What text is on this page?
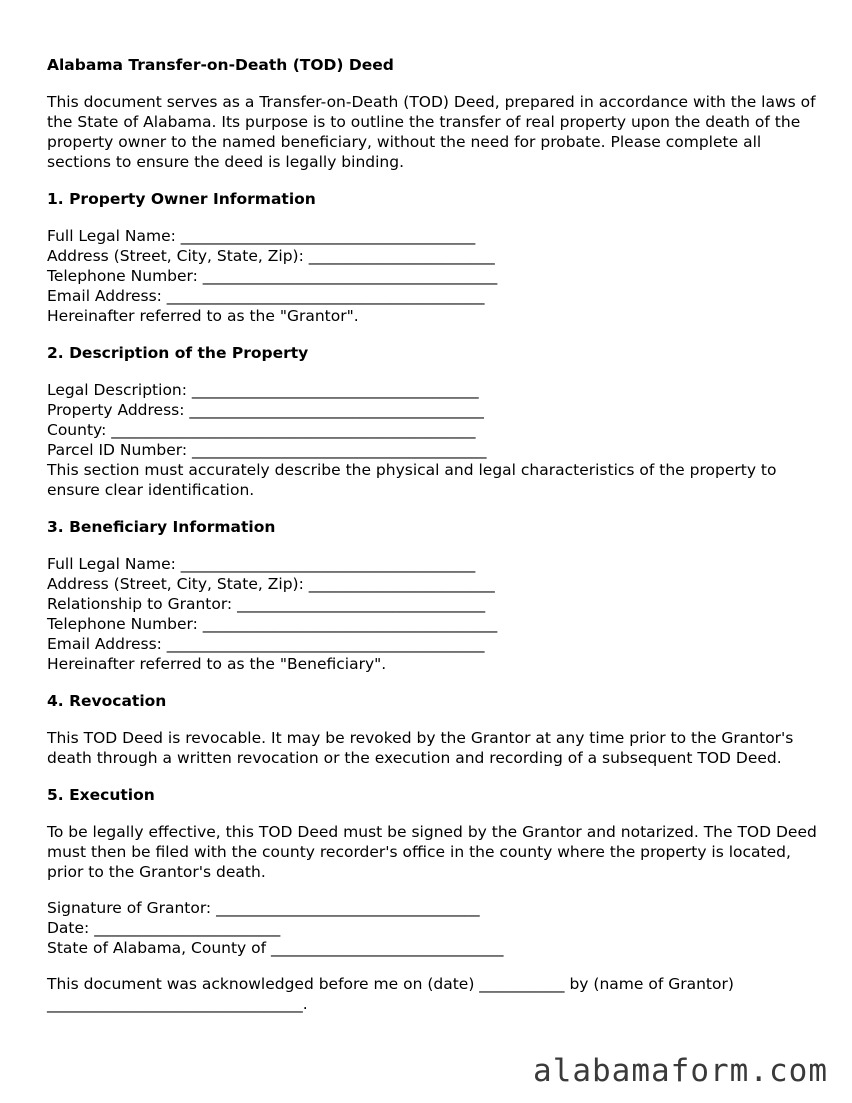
Alabama Transfer-on-Death (TOD) Deed

This document serves as a Transfer-on-Death (TOD) Deed, prepared in accordance with the laws of the State of Alabama. Its purpose is to outline the transfer of real property upon the death of the property owner to the named beneficiary, without the need for probate. Please complete all sections to ensure the deed is legally binding.

1. Property Owner Information
Full Legal Name: ______________________________________
Address (Street, City, State, Zip): ________________________
Telephone Number: ______________________________________
Email Address: _________________________________________
Hereinafter referred to as the "Grantor".
2. Description of the Property
Legal Description: _____________________________________
Property Address: ______________________________________
County: _______________________________________________
Parcel ID Number: ______________________________________

This section must accurately describe the physical and legal characteristics of the property to ensure clear identification.

3. Beneficiary Information
Full Legal Name: ______________________________________
Address (Street, City, State, Zip): ________________________
Relationship to Grantor: ________________________________
Telephone Number: ______________________________________
Email Address: _________________________________________
Hereinafter referred to as the "Beneficiary".
4. Revocation

This TOD Deed is revocable. It may be revoked by the Grantor at any time prior to the Grantor's death through a written revocation or the execution and recording of a subsequent TOD Deed.

5. Execution

To be legally effective, this TOD Deed must be signed by the Grantor and notarized. The TOD Deed must then be filed with the county recorder's office in the county where the property is located, prior to the Grantor's death.

Signature of Grantor: __________________________________
Date: ________________________
State of Alabama, County of ______________________________

This document was acknowledged before me on (date) ___________ by (name of Grantor) _________________________________.

alabamaform.com
